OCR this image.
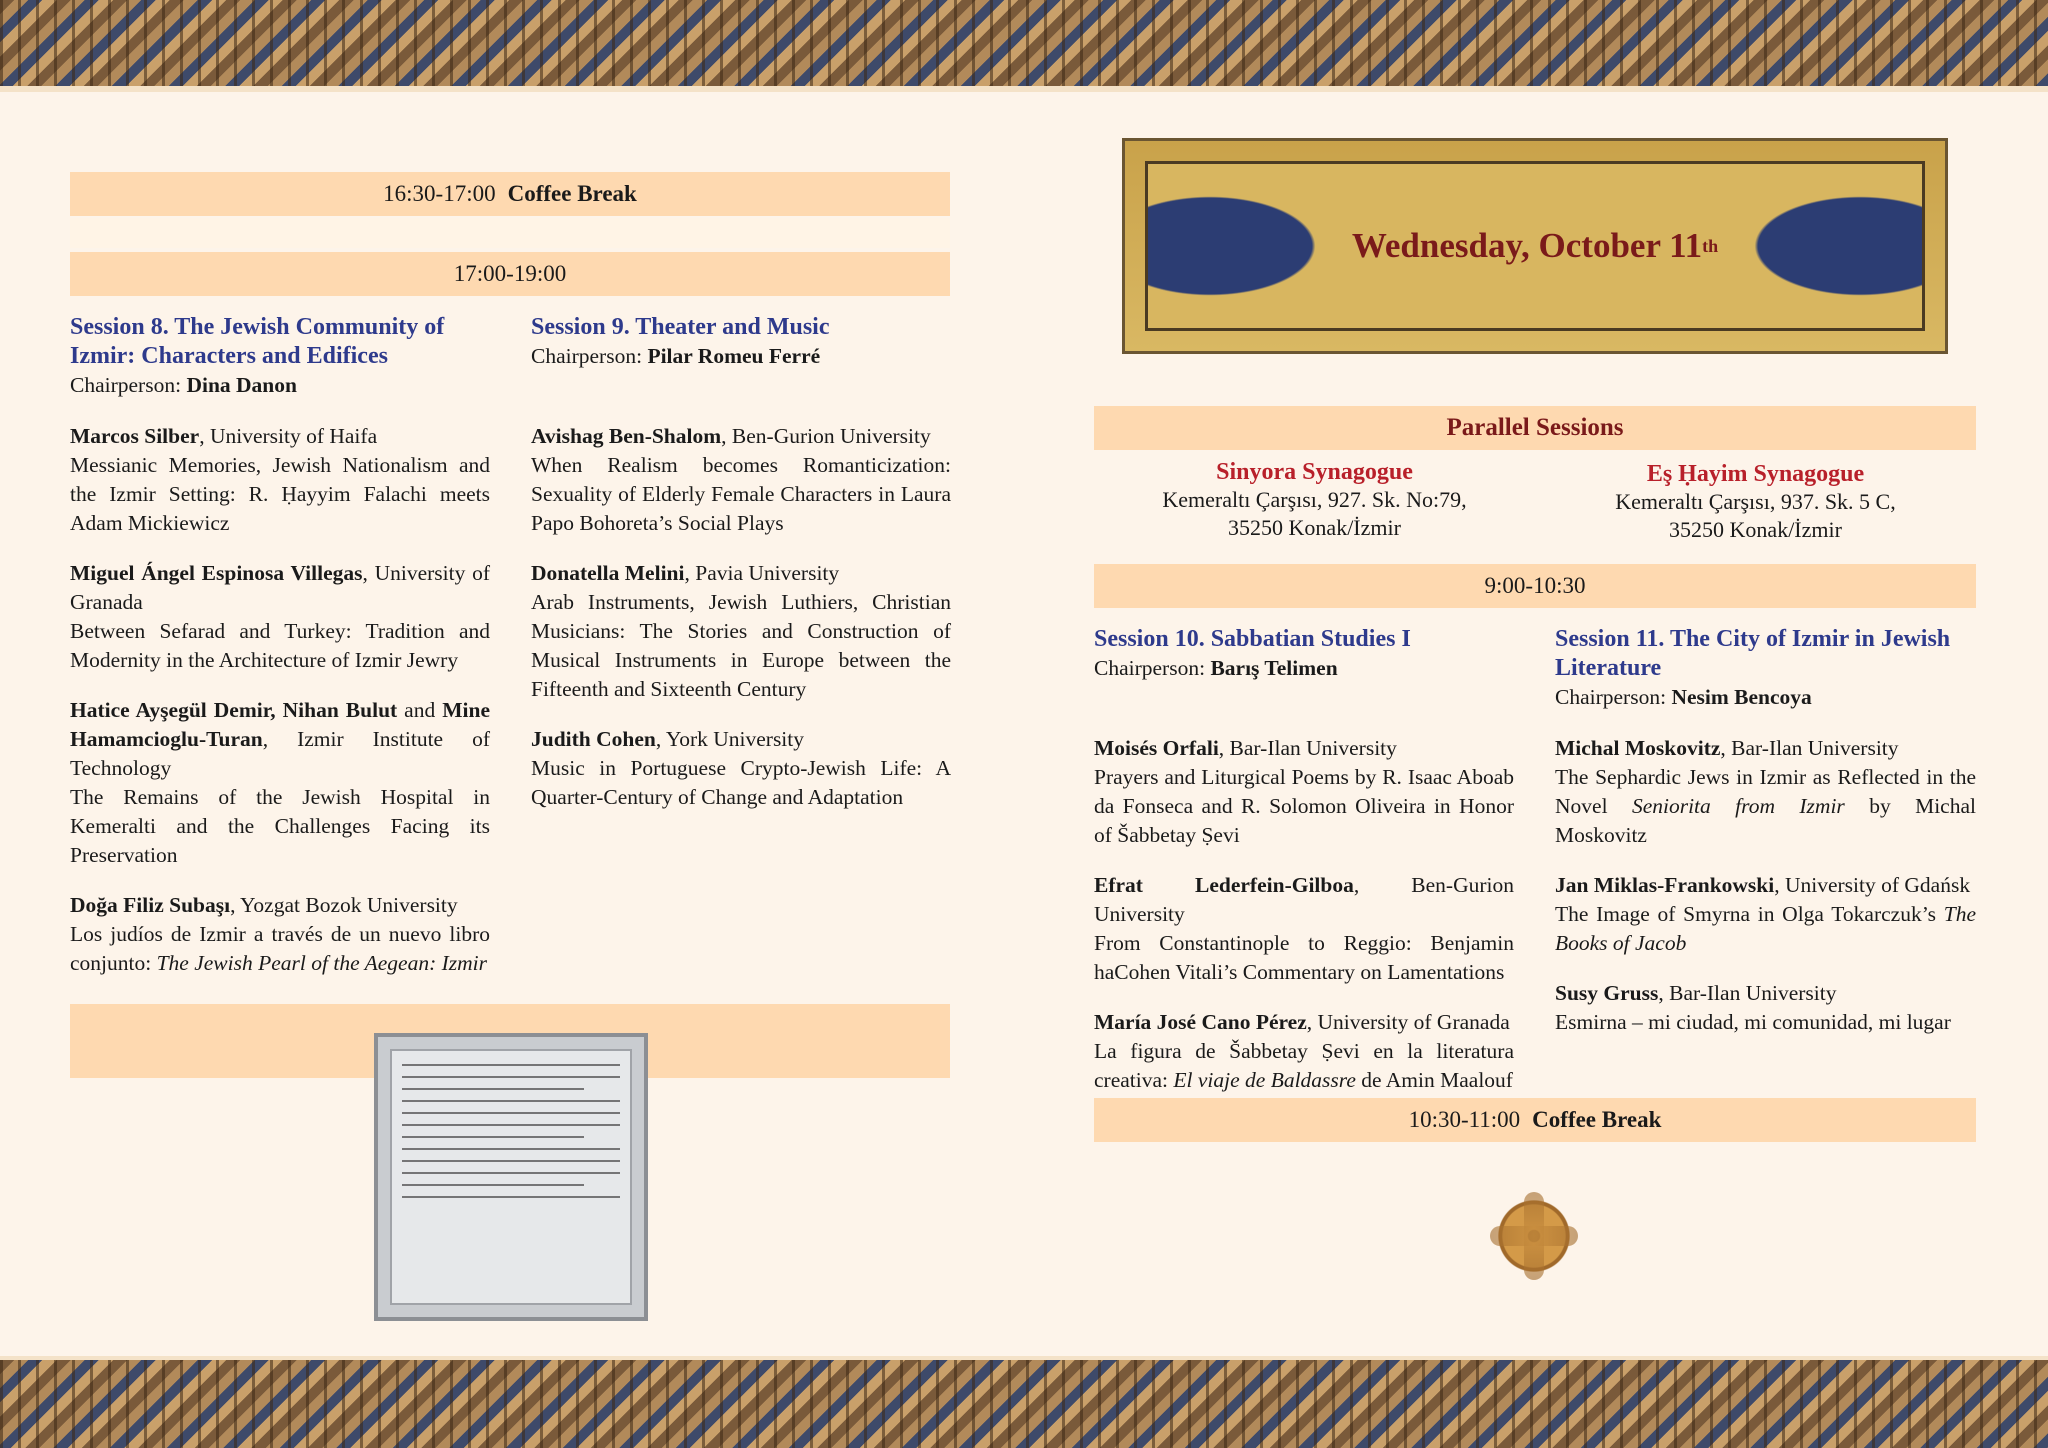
16:30-17:00 Coffee Break
17:00-19:00
Session 8. The Jewish Community of Izmir: Characters and Edifices
Chairperson: Dina Danon
Marcos Silber, University of Haifa
Messianic Memories, Jewish Nationalism and the Izmir Setting: R. Ḥayyim Falachi meets Adam Mickiewicz
Miguel Ángel Espinosa Villegas, University of Granada
Between Sefarad and Turkey: Tradition and Modernity in the Architecture of Izmir Jewry
Hatice Ayşegül Demir, Nihan Bulut and Mine Hamamcioglu-Turan, Izmir Institute of Technology
The Remains of the Jewish Hospital in Kemeralti and the Challenges Facing its Preservation
Doğa Filiz Subaşı, Yozgat Bozok University
Los judíos de Izmir a través de un nuevo libro conjunto: The Jewish Pearl of the Aegean: Izmir
Session 9. Theater and Music
Chairperson: Pilar Romeu Ferré
Avishag Ben-Shalom, Ben-Gurion University
When Realism becomes Romanticization: Sexuality of Elderly Female Characters in Laura Papo Bohoreta’s Social Plays
Donatella Melini, Pavia University
Arab Instruments, Jewish Luthiers, Christian Musicians: The Stories and Construction of Musical Instruments in Europe between the Fifteenth and Sixteenth Century
Judith Cohen, York University
Music in Portuguese Crypto-Jewish Life: A Quarter-Century of Change and Adaptation
Wednesday, October 11 th
Parallel Sessions
Sinyora Synagogue
Kemeraltı Çarşısı, 927. Sk. No:79,
35250 Konak/İzmir
Eş Ḥayim Synagogue
Kemeraltı Çarşısı, 937. Sk. 5 C,
35250 Konak/İzmir
9:00-10:30
Session 10. Sabbatian Studies I
Chairperson: Barış Telimen
Moisés Orfali, Bar-Ilan University
Prayers and Liturgical Poems by R. Isaac Aboab da Fonseca and R. Solomon Oliveira in Honor of Šabbetay Ṣevi
Efrat Lederfein-Gilboa, Ben-Gurion University
From Constantinople to Reggio: Benjamin haCohen Vitali’s Commentary on Lamentations
María José Cano Pérez, University of Granada
La figura de Šabbetay Ṣevi en la literatura creativa: El viaje de Baldassre de Amin Maalouf
Session 11. The City of Izmir in Jewish Literature
Chairperson: Nesim Bencoya
Michal Moskovitz, Bar-Ilan University
The Sephardic Jews in Izmir as Reflected in the Novel Seniorita from Izmir by Michal Moskovitz
Jan Miklas-Frankowski, University of Gdańsk
The Image of Smyrna in Olga Tokarczuk’s The Books of Jacob
Susy Gruss, Bar-Ilan University
Esmirna – mi ciudad, mi comunidad, mi lugar
10:30-11:00 Coffee Break
